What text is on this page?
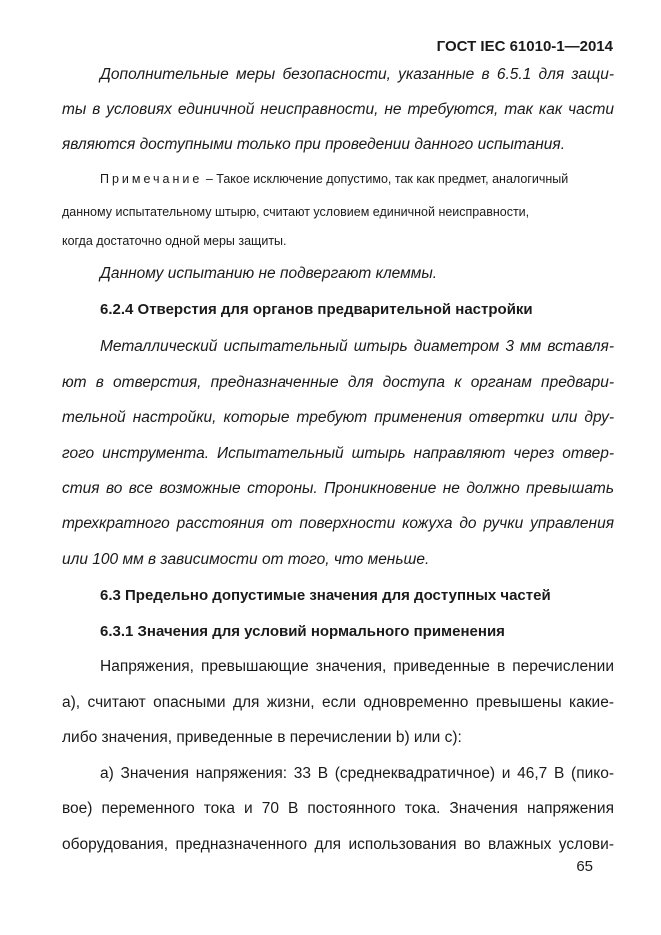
ГОСТ IEC 61010-1—2014
Дополнительные меры безопасности, указанные в 6.5.1 для защи-
ты в условиях единичной неисправности, не требуются, так как части
являются доступными только при проведении данного испытания.
Примечание – Такое исключение допустимо, так как предмет, аналогичный
данному испытательному штырю, считают условием единичной неисправности,
когда достаточно одной меры защиты.
Данному испытанию не подвергают клеммы.
6.2.4 Отверстия для органов предварительной настройки
Металлический испытательный штырь диаметром 3 мм вставля-
ют в отверстия, предназначенные для доступа к органам предвари-
тельной настройки, которые требуют применения отвертки или дру-
гого инструмента. Испытательный штырь направляют через отвер-
стия во все возможные стороны. Проникновение не должно превышать
трехкратного расстояния от поверхности кожуха до ручки управления
или 100 мм в зависимости от того, что меньше.
6.3 Предельно допустимые значения для доступных частей
6.3.1 Значения для условий нормального применения
Напряжения, превышающие значения, приведенные в перечислении
а), считают опасными для жизни, если одновременно превышены какие-
либо значения, приведенные в перечислении b) или c):
а) Значения напряжения: 33 В (среднеквадратичное) и 46,7 В (пико-
вое) переменного тока и 70 В постоянного тока. Значения напряжения
оборудования, предназначенного для использования во влажных услови-
65
